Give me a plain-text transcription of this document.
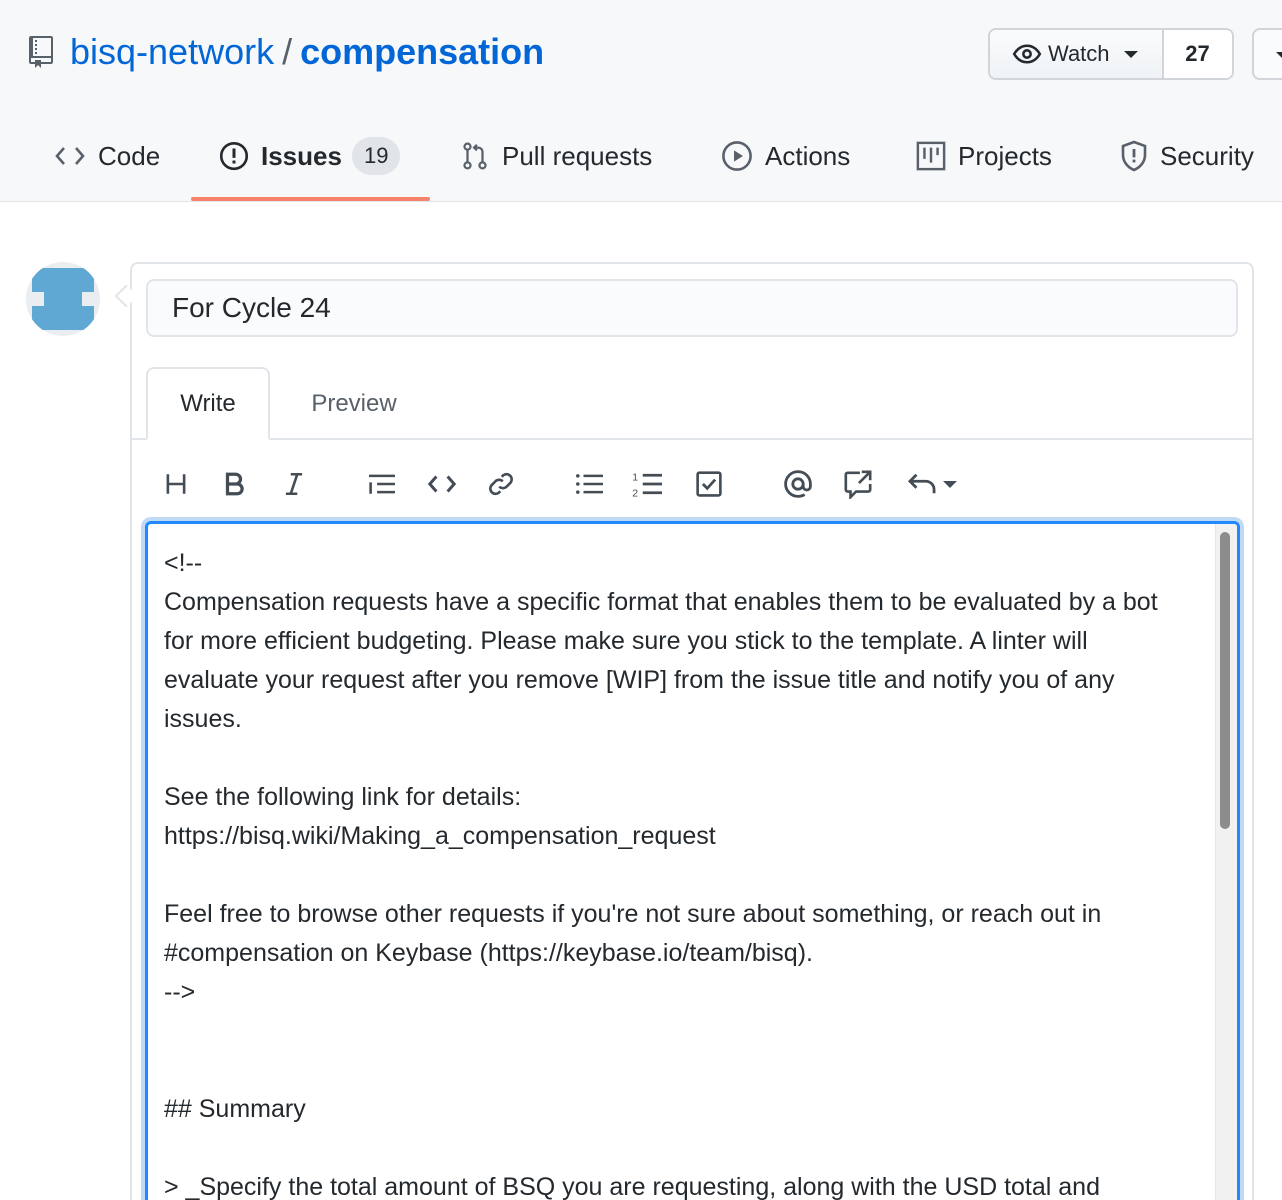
bisq-network / compensation	Watch	27
Code	Issues	19	Pull requests	Actions	Projects	Security
For Cycle 24
Write	Preview
1
2
<!--
Compensation requests have a specific format that enables them to be evaluated by a bot
for more efficient budgeting. Please make sure you stick to the template. A linter will
evaluate your request after you remove [WIP] from the issue title and notify you of any
issues.

See the following link for details:
https://bisq.wiki/Making_a_compensation_request

Feel free to browse other requests if you're not sure about something, or reach out in
#compensation on Keybase (https://keybase.io/team/bisq).
-->

## Summary

> _Specify the total amount of BSQ you are requesting, along with the USD total and
